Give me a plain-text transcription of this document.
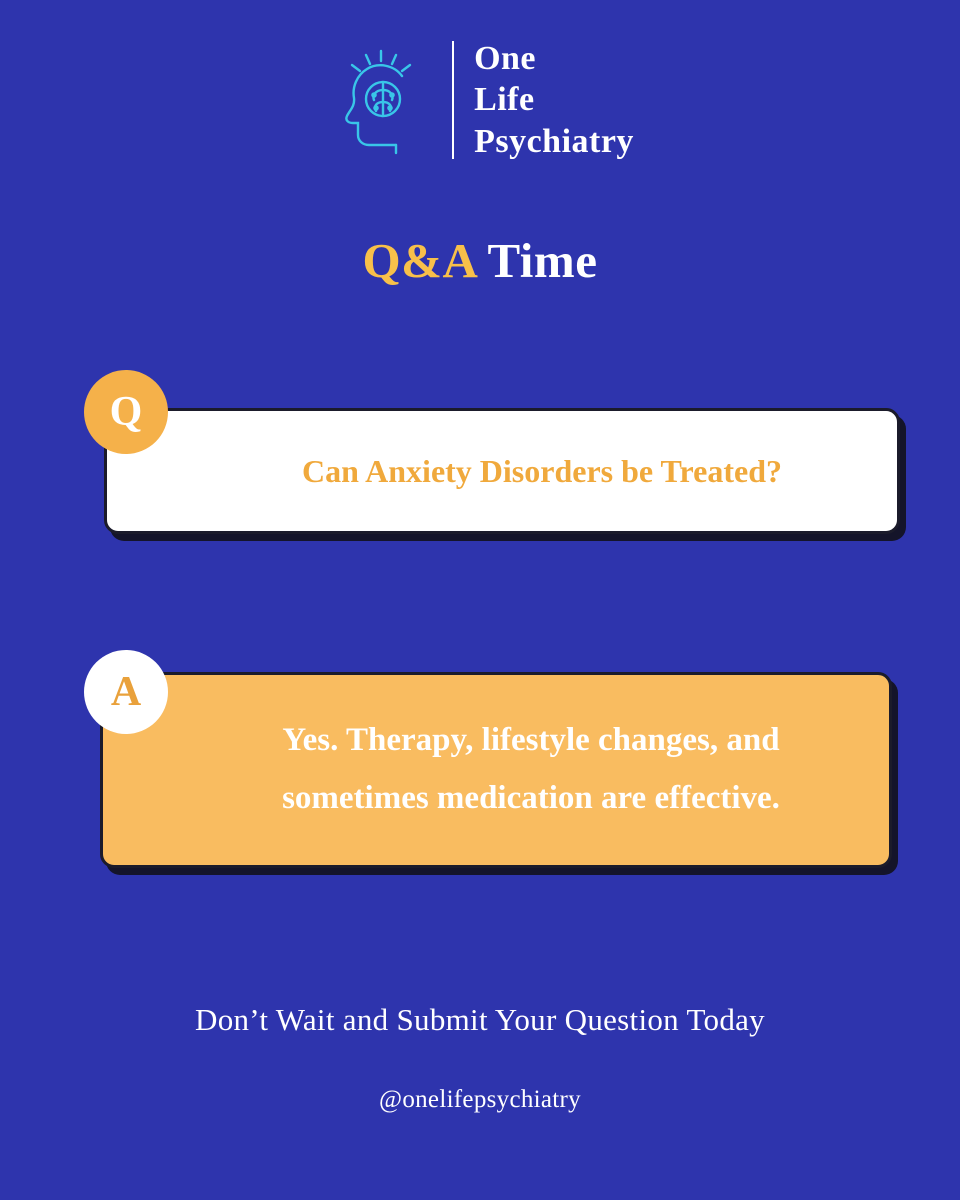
One
Life
Psychiatry
Q&A Time
Can Anxiety Disorders be Treated?
Q
Yes. Therapy, lifestyle changes, and sometimes medication are effective.
A
Don’t Wait and Submit Your Question Today
@onelifepsychiatry
